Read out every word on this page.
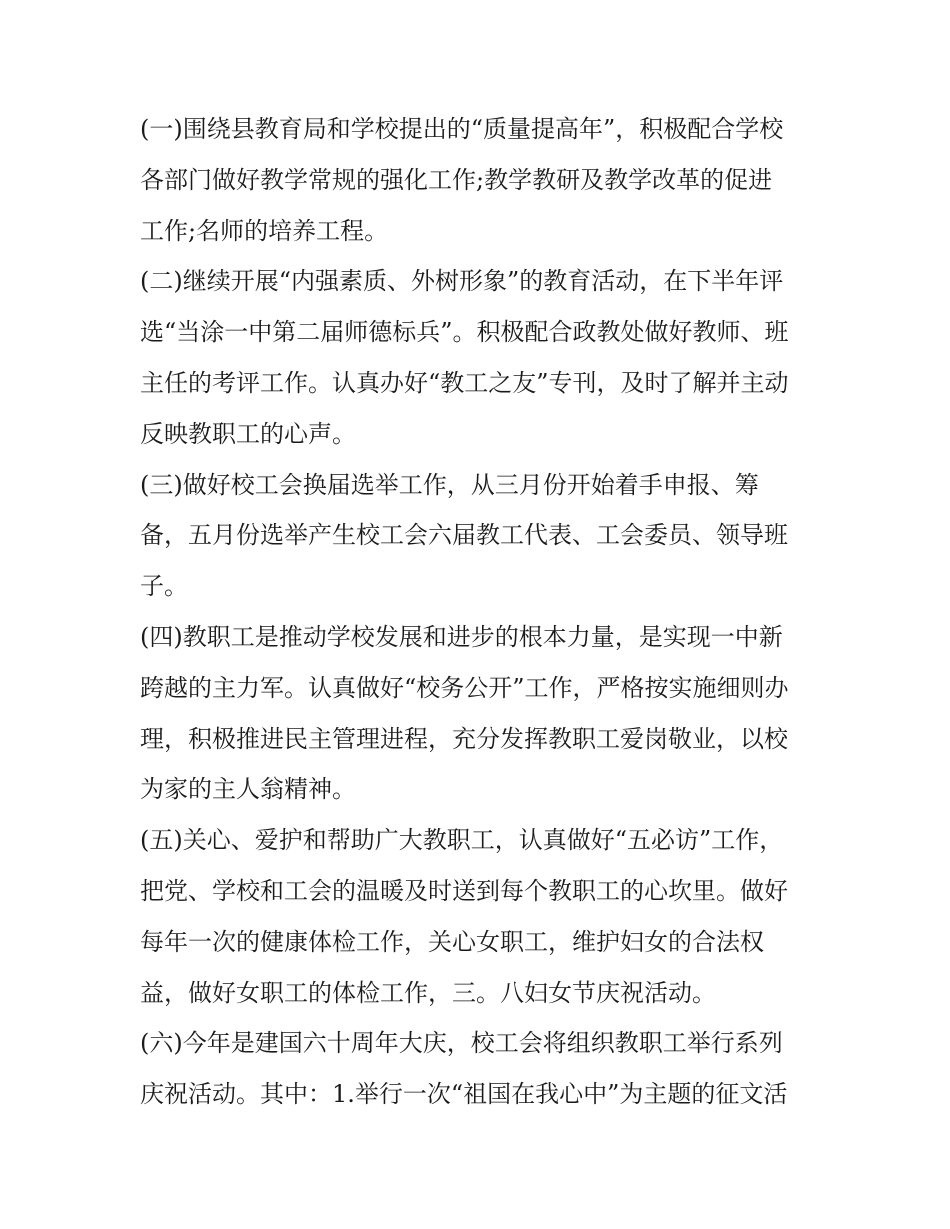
(一)围绕县教育局和学校提出的“质量提高年”，积极配合学校

各部门做好教学常规的强化工作;教学教研及教学改革的促进

工作;名师的培养工程。

(二)继续开展“内强素质、外树形象”的教育活动，在下半年评

选“当涂一中第二届师德标兵”。积极配合政教处做好教师、班

主任的考评工作。认真办好“教工之友”专刊，及时了解并主动

反映教职工的心声。

(三)做好校工会换届选举工作，从三月份开始着手申报、筹

备，五月份选举产生校工会六届教工代表、工会委员、领导班

子。

(四)教职工是推动学校发展和进步的根本力量，是实现一中新

跨越的主力军。认真做好“校务公开”工作，严格按实施细则办

理，积极推进民主管理进程，充分发挥教职工爱岗敬业，以校

为家的主人翁精神。

(五)关心、爱护和帮助广大教职工，认真做好“五必访”工作，

把党、学校和工会的温暖及时送到每个教职工的心坎里。做好

每年一次的健康体检工作，关心女职工，维护妇女的合法权

益，做好女职工的体检工作，三。八妇女节庆祝活动。

(六)今年是建国六十周年大庆，校工会将组织教职工举行系列

庆祝活动。其中：1.举行一次“祖国在我心中”为主题的征文活
